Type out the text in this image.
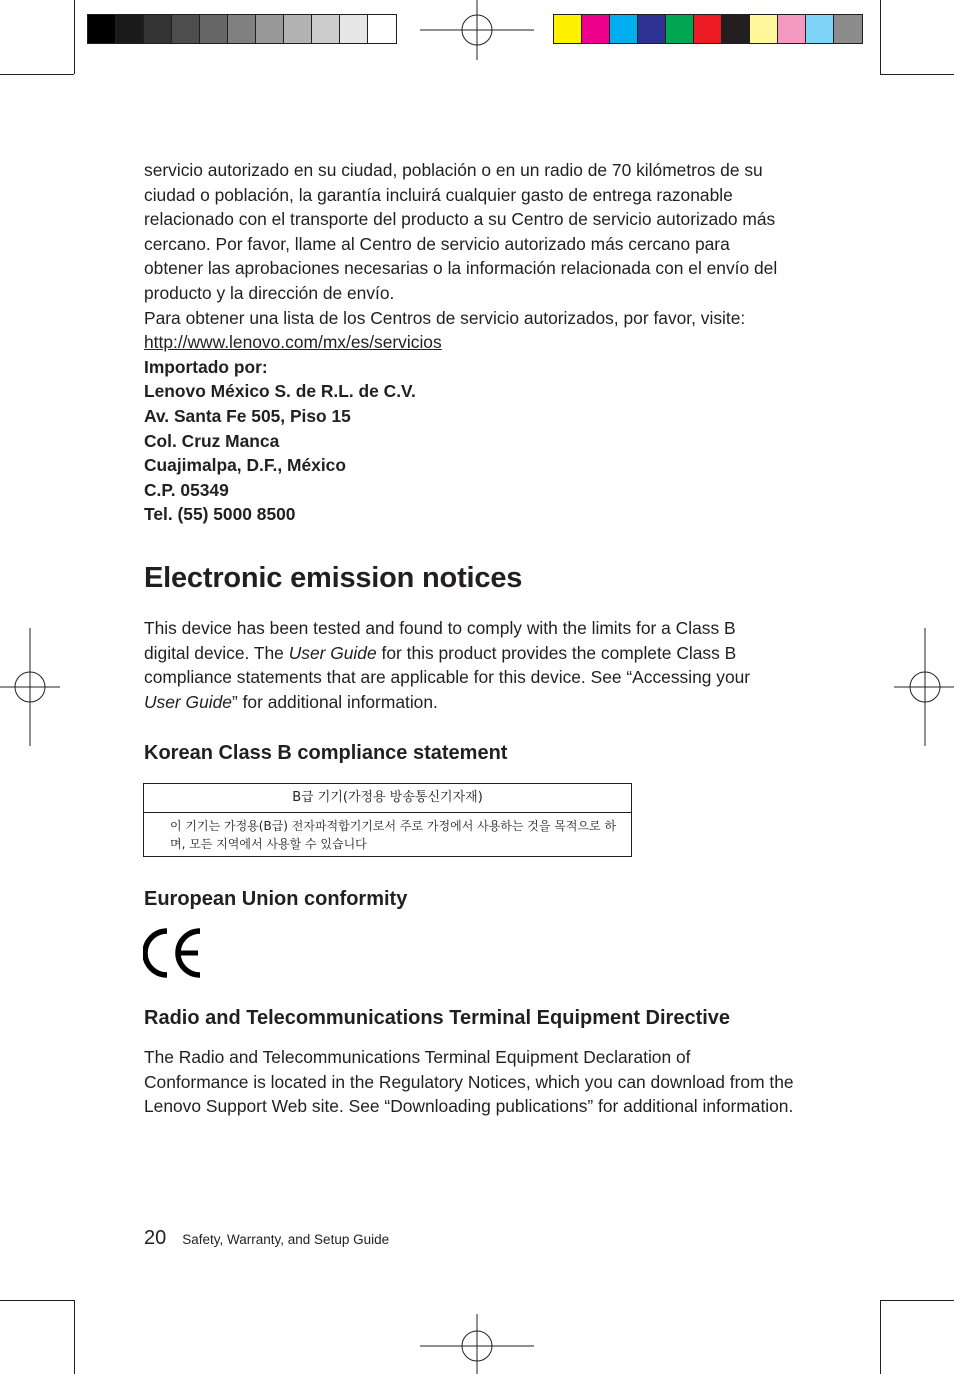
servicio autorizado en su ciudad, población o en un radio de 70 kilómetros de su ciudad o población, la garantía incluirá cualquier gasto de entrega razonable relacionado con el transporte del producto a su Centro de servicio autorizado más cercano. Por favor, llame al Centro de servicio autorizado más cercano para obtener las aprobaciones necesarias o la información relacionada con el envío del producto y la dirección de envío.

Para obtener una lista de los Centros de servicio autorizados, por favor, visite:

http://www.lenovo.com/mx/es/servicios

Importado por:

Lenovo México S. de R.L. de C.V.

Av. Santa Fe 505, Piso 15

Col. Cruz Manca

Cuajimalpa, D.F., México

C.P. 05349

Tel. (55) 5000 8500

Electronic emission notices

This device has been tested and found to comply with the limits for a Class B digital device. The User Guide for this product provides the complete Class B compliance statements that are applicable for this device. See “Accessing your User Guide” for additional information.

Korean Class B compliance statement
B급 기기(가정용 방송통신기자재)
이 기기는 가정용(B급) 전자파적합기기로서 주로 가정에서 사용하는 것을 목적으로 하며, 모든 지역에서 사용할 수 있습니다
European Union conformity
Radio and Telecommunications Terminal Equipment Directive

The Radio and Telecommunications Terminal Equipment Declaration of Conformance is located in the Regulatory Notices, which you can download from the Lenovo Support Web site. See “Downloading publications” for additional information.

20 Safety, Warranty, and Setup Guide
